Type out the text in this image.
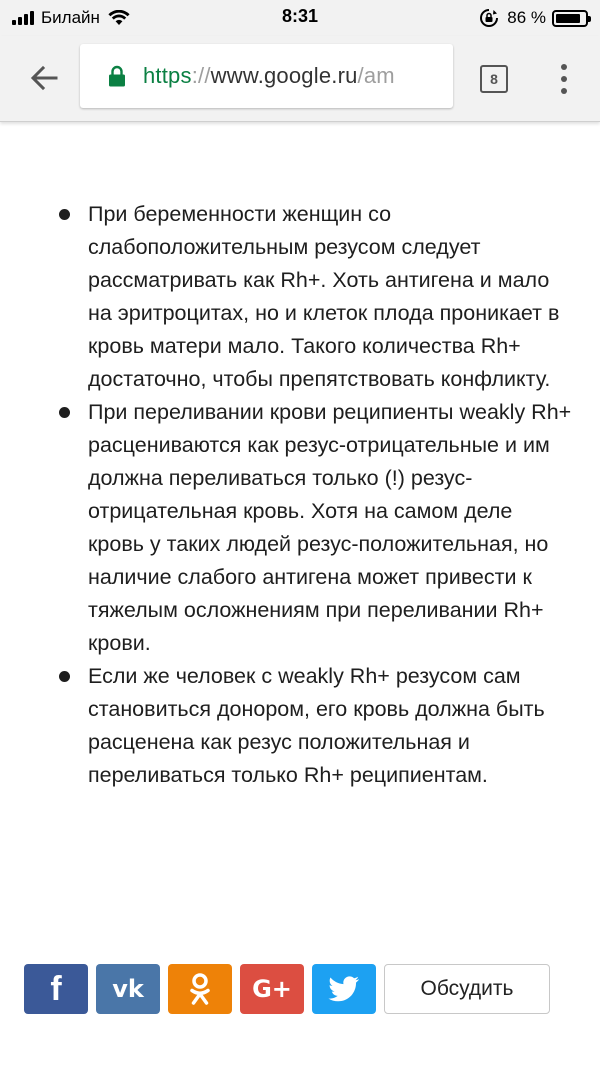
Билайн	8:31	86 %
https://www.google.ru/am	8
При беременности женщин со слабоположительным резусом следует рассматривать как Rh+. Хоть антигена и мало на эритроцитах, но и клеток плода проникает в кровь матери мало. Такого количества Rh+ достаточно, чтобы препятствовать конфликту.
При переливании крови реципиенты weakly Rh+ расцениваются как резус-отрицательные и им должна переливаться только (!) резус-отрицательная кровь. Хотя на самом деле кровь у таких людей резус-положительная, но наличие слабого антигена может привести к тяжелым осложнениям при переливании Rh+ крови.
Если же человек с weakly Rh+ резусом сам становиться донором, его кровь должна быть расценена как резус положительная и переливаться только Rh+ реципиентам.
f vk	G+	Обсудить
